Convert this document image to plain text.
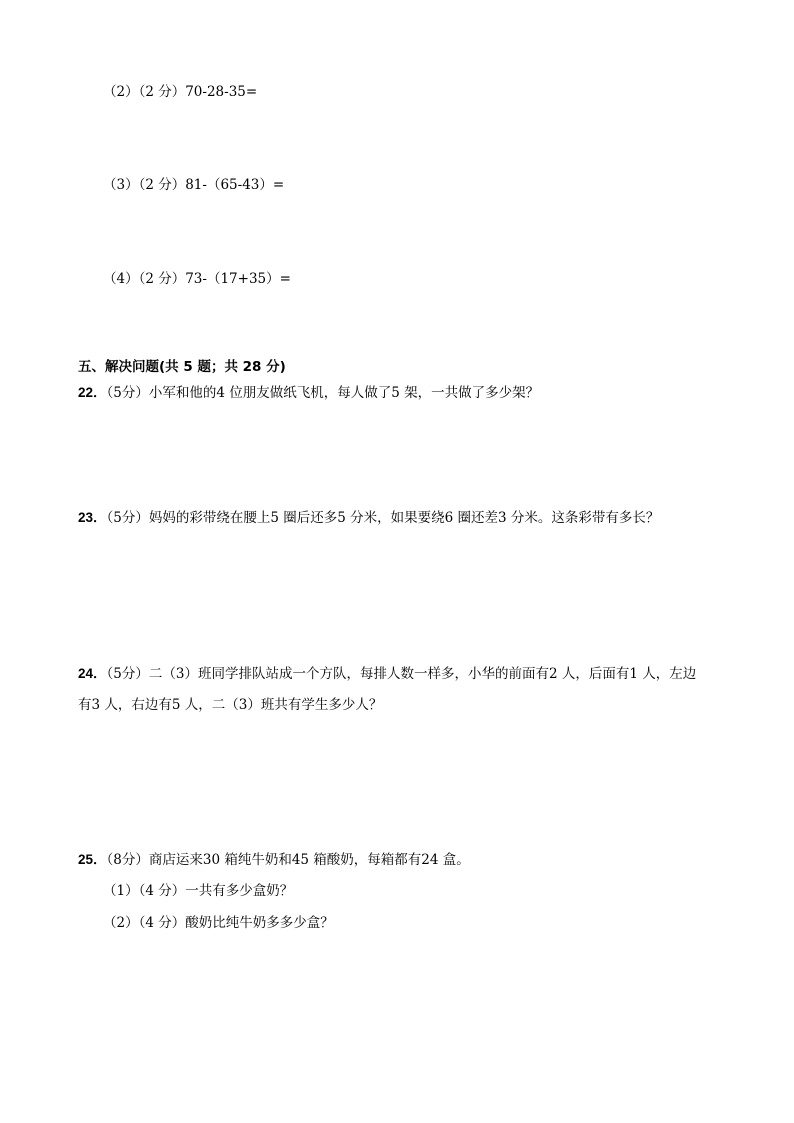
（2）（2 分）70-28-35=
（3）（2 分）81-（65-43）=
（4）（2 分）73-（17+35）=
五、解决问题(共 5 题；共 28 分)
22．（5分）小军和他的4 位朋友做纸飞机，每人做了5 架，一共做了多少架？
23．（5分）妈妈的彩带绕在腰上5 圈后还多5 分米，如果要绕6 圈还差3 分米。这条彩带有多长？
24．（5分）二（3）班同学排队站成一个方队，每排人数一样多，小华的前面有2 人，后面有1 人，左边
有3 人，右边有5 人，二（3）班共有学生多少人？
25．（8分）商店运来30 箱纯牛奶和45 箱酸奶，每箱都有24 盒。
（1）（4 分）一共有多少盒奶？
（2）（4 分）酸奶比纯牛奶多多少盒？
